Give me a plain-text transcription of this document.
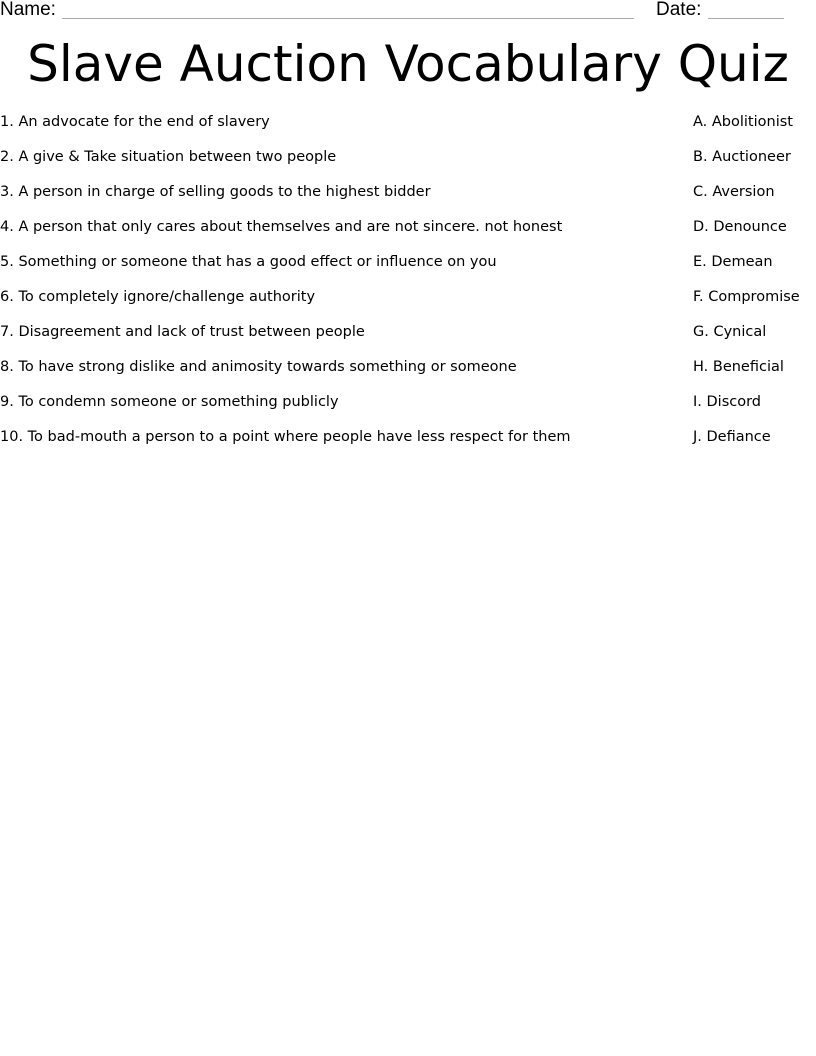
Name:	Date:
Slave Auction Vocabulary Quiz
1. An advocate for the end of slavery
2. A give & Take situation between two people
3. A person in charge of selling goods to the highest bidder
4. A person that only cares about themselves and are not sincere. not honest
5. Something or someone that has a good effect or influence on you
6. To completely ignore/challenge authority
7. Disagreement and lack of trust between people
8. To have strong dislike and animosity towards something or someone
9. To condemn someone or something publicly
10. To bad-mouth a person to a point where people have less respect for them
A. Abolitionist
B. Auctioneer
C. Aversion
D. Denounce
E. Demean
F. Compromise
G. Cynical
H. Beneficial
I. Discord
J. Defiance
